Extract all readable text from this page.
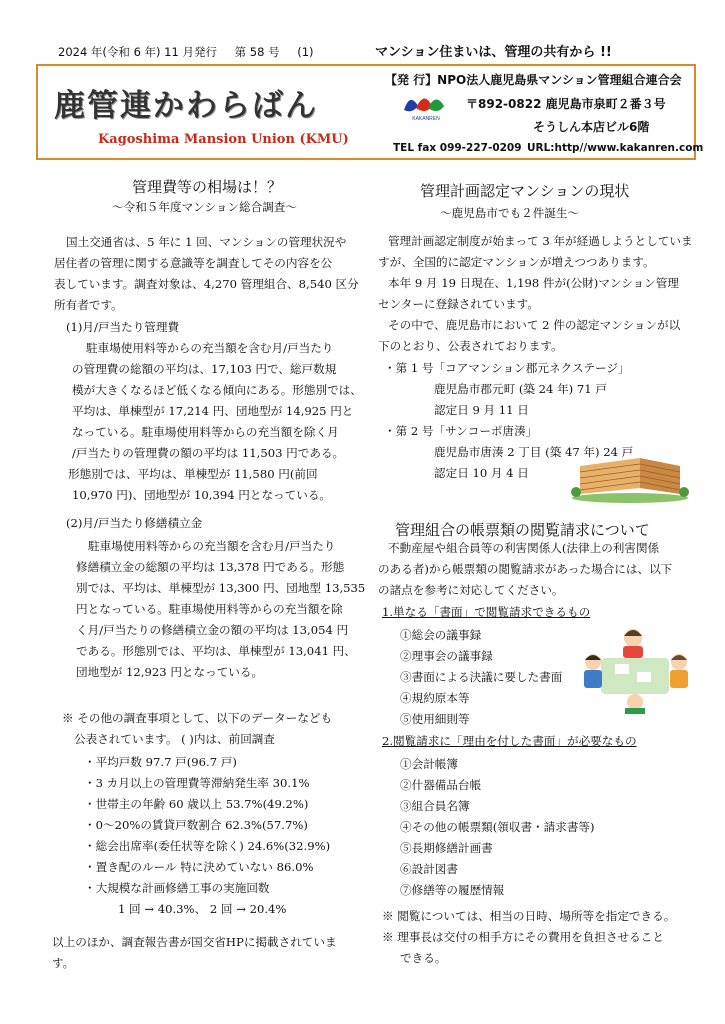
2024 年(令和 6 年) 11 月発行 第 58 号 (1)	マンション住まいは、管理の共有から !!
鹿管連かわらばん
Kagoshima Mansion Union (KMU)
【発 行】NPO法人鹿児島県マンション管理組合連合会
KAKANREN
〒892-0822 鹿児島市泉町２番３号
そうしん本店ビル6階
TEL fax 099-227-0209 URL:http//www.kakanren.com
管理費等の相場は！？
～令和５年度マンション総合調査～
国土交通省は、5 年に 1 回、マンションの管理状況や
居住者の管理に関する意識等を調査してその内容を公
表しています。調査対象は、4,270 管理組合、8,540 区分
所有者です。
(1)月/戸当たり管理費
駐車場使用料等からの充当額を含む月/戸当たり
の管理費の総額の平均は、17,103 円で、総戸数規
模が大きくなるほど低くなる傾向にある。形態別では、
平均は、単棟型が 17,214 円、団地型が 14,925 円と
なっている。駐車場使用料等からの充当額を除く月
/戸当たりの管理費の額の平均は 11,503 円である。
形態別では、平均は、単棟型が 11,580 円(前回
10,970 円)、団地型が 10,394 円となっている。
(2)月/戸当たり修繕積立金
駐車場使用料等からの充当額を含む月/戸当たり
修繕積立金の総額の平均は 13,378 円である。形態
別では、平均は、単棟型が 13,300 円、団地型 13,535
円となっている。駐車場使用料等からの充当額を除
く月/戸当たりの修繕積立金の額の平均は 13,054 円
である。形態別では、平均は、単棟型が 13,041 円、
団地型が 12,923 円となっている。
※ その他の調査事項として、以下のデーターなども
公表されています。 ( )内は、前回調査
・平均戸数 97.7 戸(96.7 戸)
・3 カ月以上の管理費等滞納発生率 30.1%
・世帯主の年齢 60 歳以上 53.7%(49.2%)
・0～20%の賃貸戸数割合 62.3%(57.7%)
・総会出席率(委任状等を除く) 24.6%(32.9%)
・置き配のルール 特に決めていない 86.0%
・大規模な計画修繕工事の実施回数
1 回 → 40.3%、 2 回 → 20.4%
以上のほか、調査報告書が国交省HPに掲載されていま
す。
管理計画認定マンションの現状
～鹿児島市でも２件誕生～
管理計画認定制度が始まって 3 年が経過しようとしていま
すが、全国的に認定マンションが増えつつあります。
本年 9 月 19 日現在、1,198 件が(公財)マンション管理
センターに登録されています。
その中で、鹿児島市において 2 件の認定マンションが以
下のとおり、公表されております。
・第 1 号「コアマンション郡元ネクステージ」
鹿児島市郡元町 (築 24 年) 71 戸
認定日 9 月 11 日
・第 2 号「サンコーポ唐湊」
鹿児島市唐湊 2 丁目 (築 47 年) 24 戸
認定日 10 月 4 日
管理組合の帳票類の閲覧請求について
不動産屋や組合員等の利害関係人(法律上の利害関係
のある者)から帳票類の閲覧請求があった場合には、以下
の諸点を参考に対応してください。
1.単なる「書面」で閲覧請求できるもの
①総会の議事録
②理事会の議事録
③書面による決議に要した書面
④規約原本等
⑤使用細則等
2.閲覧請求に「理由を付した書面」が必要なもの
①会計帳簿
②什器備品台帳
③組合員名簿
④その他の帳票類(領収書・請求書等)
⑤長期修繕計画書
⑥設計図書
⑦修繕等の履歴情報
※ 閲覧については、相当の日時、場所等を指定できる。
※ 理事長は交付の相手方にその費用を負担させること
できる。
